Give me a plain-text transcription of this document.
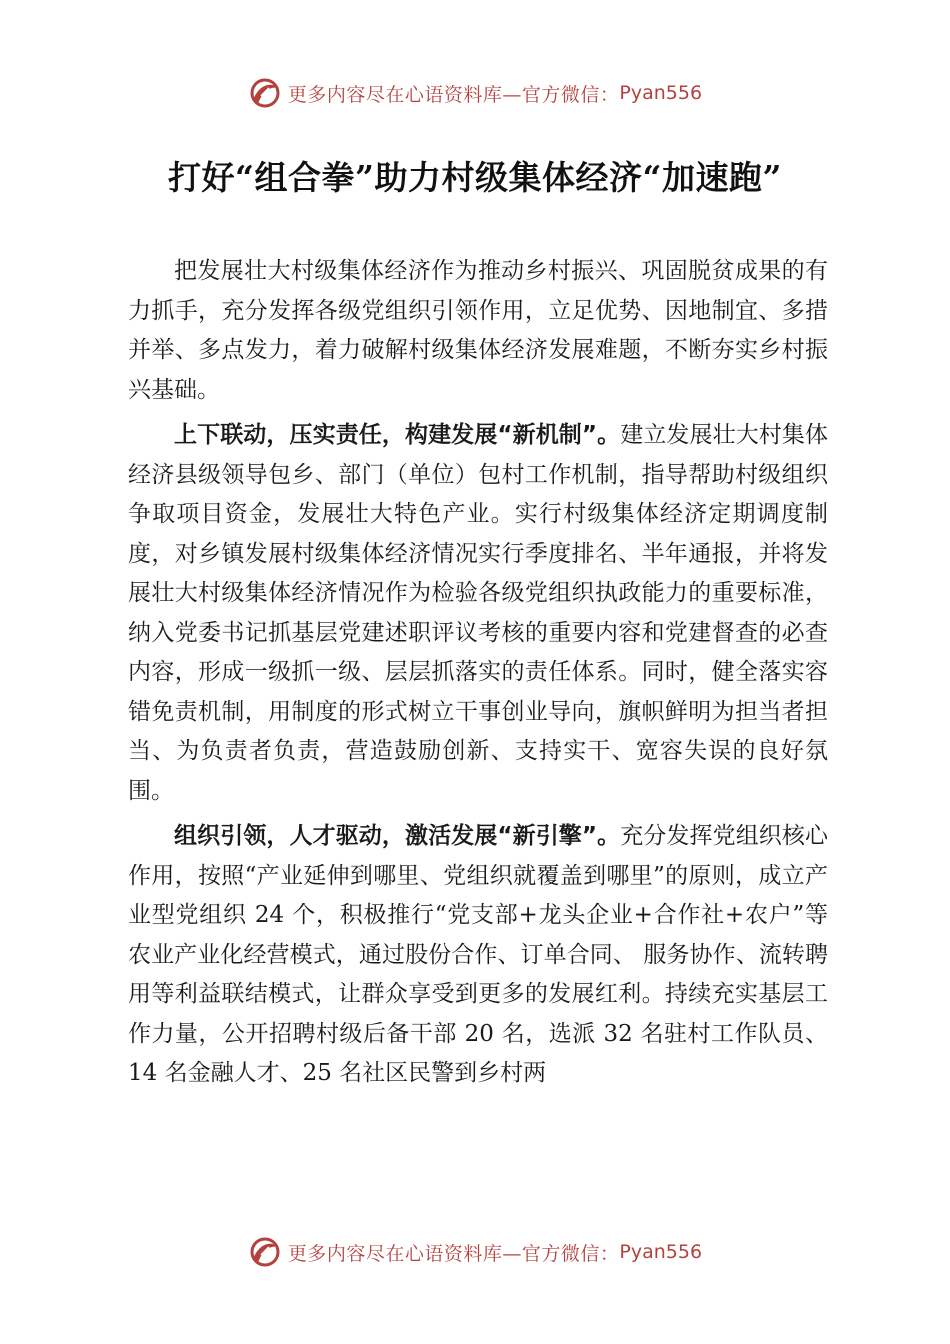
更多内容尽在心语资料库—官方微信： Pyan556
打好“组合拳”助力村级集体经济“加速跑”

把发展壮大村级集体经济作为推动乡村振兴、巩固脱贫成果的有力抓手，充分发挥各级党组织引领作用，立足优势、因地制宜、多措并举、多点发力，着力破解村级集体经济发展难题，不断夯实乡村振兴基础。

上下联动，压实责任，构建发展“新机制”。建立发展壮大村集体经济县级领导包乡、部门（单位）包村工作机制，指导帮助村级组织争取项目资金，发展壮大特色产业。实行村级集体经济定期调度制度，对乡镇发展村级集体经济情况实行季度排名、半年通报，并将发展壮大村级集体经济情况作为检验各级党组织执政能力的重要标准，纳入党委书记抓基层党建述职评议考核的重要内容和党建督查的必查内容，形成一级抓一级、层层抓落实的责任体系。同时，健全落实容错免责机制，用制度的形式树立干事创业导向，旗帜鲜明为担当者担当、为负责者负责，营造鼓励创新、支持实干、宽容失误的良好氛围。

组织引领，人才驱动，激活发展“新引擎”。充分发挥党组织核心作用，按照“产业延伸到哪里、党组织就覆盖到哪里”的原则，成立产业型党组织 24 个，积极推行“党支部+龙头企业+合作社+农户”等农业产业化经营模式，通过股份合作、订单合同、 服务协作、流转聘用等利益联结模式，让群众享受到更多的发展红利。持续充实基层工作力量，公开招聘村级后备干部 20 名，选派 32 名驻村工作队员、14 名金融人才、25 名社区民警到乡村两

更多内容尽在心语资料库—官方微信： Pyan556
